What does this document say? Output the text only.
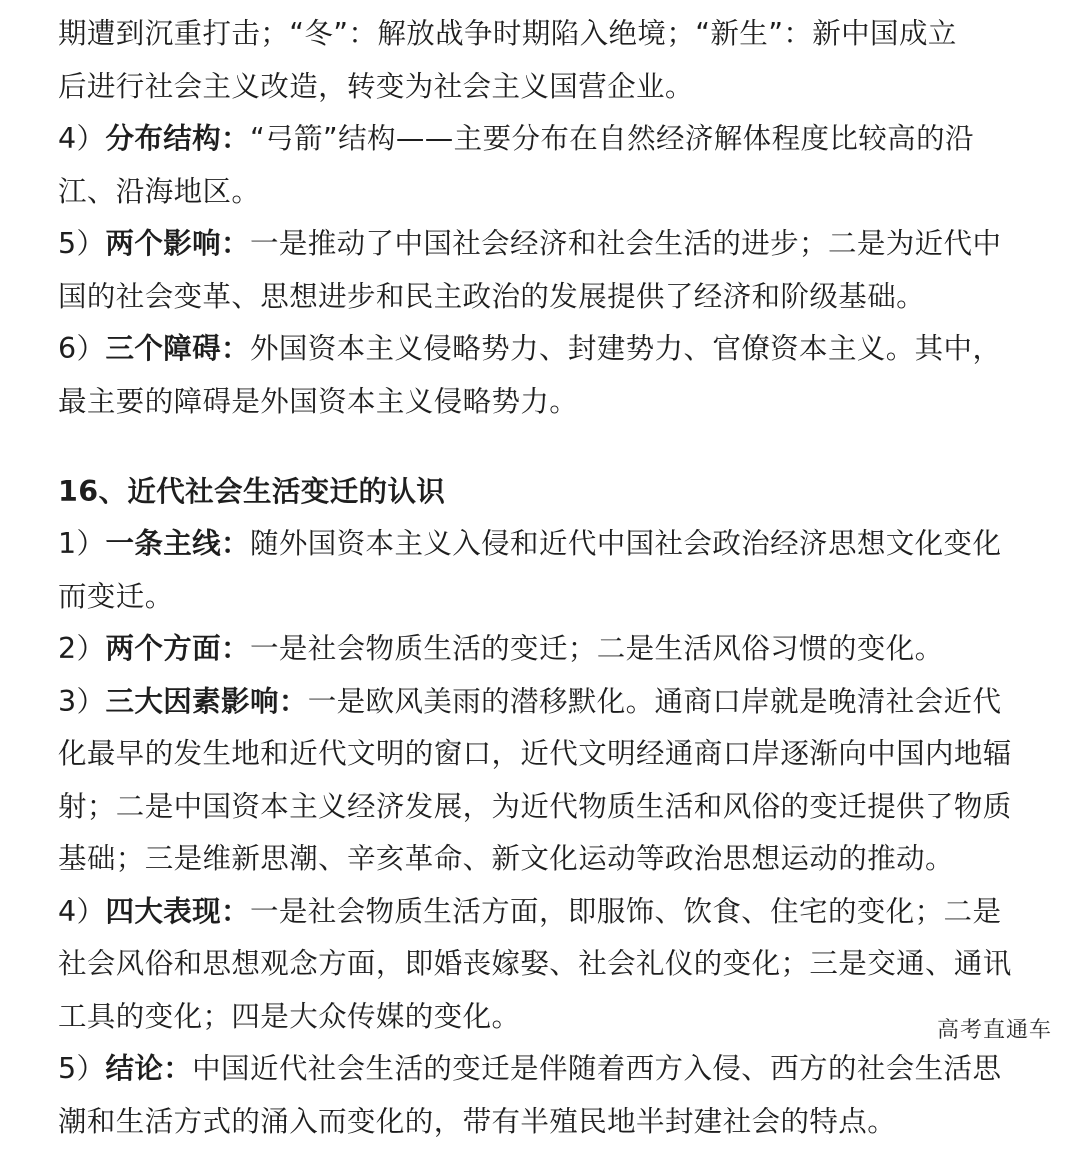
期遭到沉重打击；“冬”：解放战争时期陷入绝境；“新生”：新中国成立
后进行社会主义改造，转变为社会主义国营企业。
4）分布结构：“弓箭”结构——主要分布在自然经济解体程度比较高的沿
江、沿海地区。
5）两个影响：一是推动了中国社会经济和社会生活的进步；二是为近代中
国的社会变革、思想进步和民主政治的发展提供了经济和阶级基础。
6）三个障碍：外国资本主义侵略势力、封建势力、官僚资本主义。其中，
最主要的障碍是外国资本主义侵略势力。
16、近代社会生活变迁的认识
1）一条主线：随外国资本主义入侵和近代中国社会政治经济思想文化变化
而变迁。
2）两个方面：一是社会物质生活的变迁；二是生活风俗习惯的变化。
3）三大因素影响：一是欧风美雨的潜移默化。通商口岸就是晚清社会近代
化最早的发生地和近代文明的窗口，近代文明经通商口岸逐渐向中国内地辐
射；二是中国资本主义经济发展，为近代物质生活和风俗的变迁提供了物质
基础；三是维新思潮、辛亥革命、新文化运动等政治思想运动的推动。
4）四大表现：一是社会物质生活方面，即服饰、饮食、住宅的变化；二是
社会风俗和思想观念方面，即婚丧嫁娶、社会礼仪的变化；三是交通、通讯
工具的变化；四是大众传媒的变化。
5）结论：中国近代社会生活的变迁是伴随着西方入侵、西方的社会生活思
潮和生活方式的涌入而变化的，带有半殖民地半封建社会的特点。
高考直通车
